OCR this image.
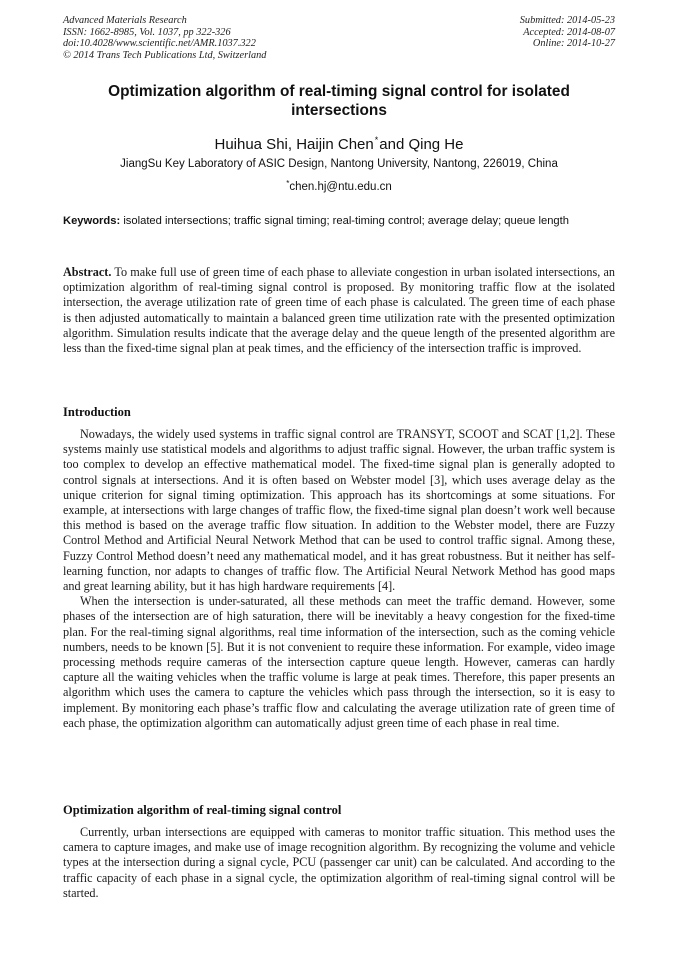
Advanced Materials Research
ISSN: 1662-8985, Vol. 1037, pp 322-326
doi:10.4028/www.scientific.net/AMR.1037.322
© 2014 Trans Tech Publications Ltd, Switzerland
Submitted: 2014-05-23
Accepted: 2014-08-07
Online: 2014-10-27
Optimization algorithm of real-timing signal control for isolated intersections
Huihua Shi, Haijin Chen*and Qing He
JiangSu Key Laboratory of ASIC Design, Nantong University, Nantong, 226019, China
*chen.hj@ntu.edu.cn
Keywords: isolated intersections; traffic signal timing; real-timing control; average delay; queue length
Abstract. To make full use of green time of each phase to alleviate congestion in urban isolated intersections, an optimization algorithm of real-timing signal control is proposed. By monitoring traffic flow at the isolated intersection, the average utilization rate of green time of each phase is calculated. The green time of each phase is then adjusted automatically to maintain a balanced green time utilization rate with the presented optimization algorithm. Simulation results indicate that the average delay and the queue length of the presented algorithm are less than the fixed-time signal plan at peak times, and the efficiency of the intersection traffic is improved.
Introduction

Nowadays, the widely used systems in traffic signal control are TRANSYT, SCOOT and SCAT [1,2]. These systems mainly use statistical models and algorithms to adjust traffic signal. However, the urban traffic system is too complex to develop an effective mathematical model. The fixed-time signal plan is generally adopted to control signals at intersections. And it is often based on Webster model [3], which uses average delay as the unique criterion for signal timing optimization. This approach has its shortcomings at some situations. For example, at intersections with large changes of traffic flow, the fixed-time signal plan doesn’t work well because this method is based on the average traffic flow situation. In addition to the Webster model, there are Fuzzy Control Method and Artificial Neural Network Method that can be used to control traffic signal. Among these, Fuzzy Control Method doesn’t need any mathematical model, and it has great robustness. But it neither has self-learning function, nor adapts to changes of traffic flow. The Artificial Neural Network Method has good maps and great learning ability, but it has high hardware requirements [4].

When the intersection is under-saturated, all these methods can meet the traffic demand. However, some phases of the intersection are of high saturation, there will be inevitably a heavy congestion for the fixed-time plan. For the real-timing signal algorithms, real time information of the intersection, such as the coming vehicle numbers, needs to be known [5]. But it is not convenient to require these information. For example, video image processing methods require cameras of the intersection capture queue length. However, cameras can hardly capture all the waiting vehicles when the traffic volume is large at peak times. Therefore, this paper presents an algorithm which uses the camera to capture the vehicles which pass through the intersection, so it is easy to implement. By monitoring each phase’s traffic flow and calculating the average utilization rate of green time of each phase, the optimization algorithm can automatically adjust green time of each phase in real time.

Optimization algorithm of real-timing signal control

Currently, urban intersections are equipped with cameras to monitor traffic situation. This method uses the camera to capture images, and make use of image recognition algorithm. By recognizing the volume and vehicle types at the intersection during a signal cycle, PCU (passenger car unit) can be calculated. And according to the traffic capacity of each phase in a signal cycle, the optimization algorithm of real-timing signal control will be started.
